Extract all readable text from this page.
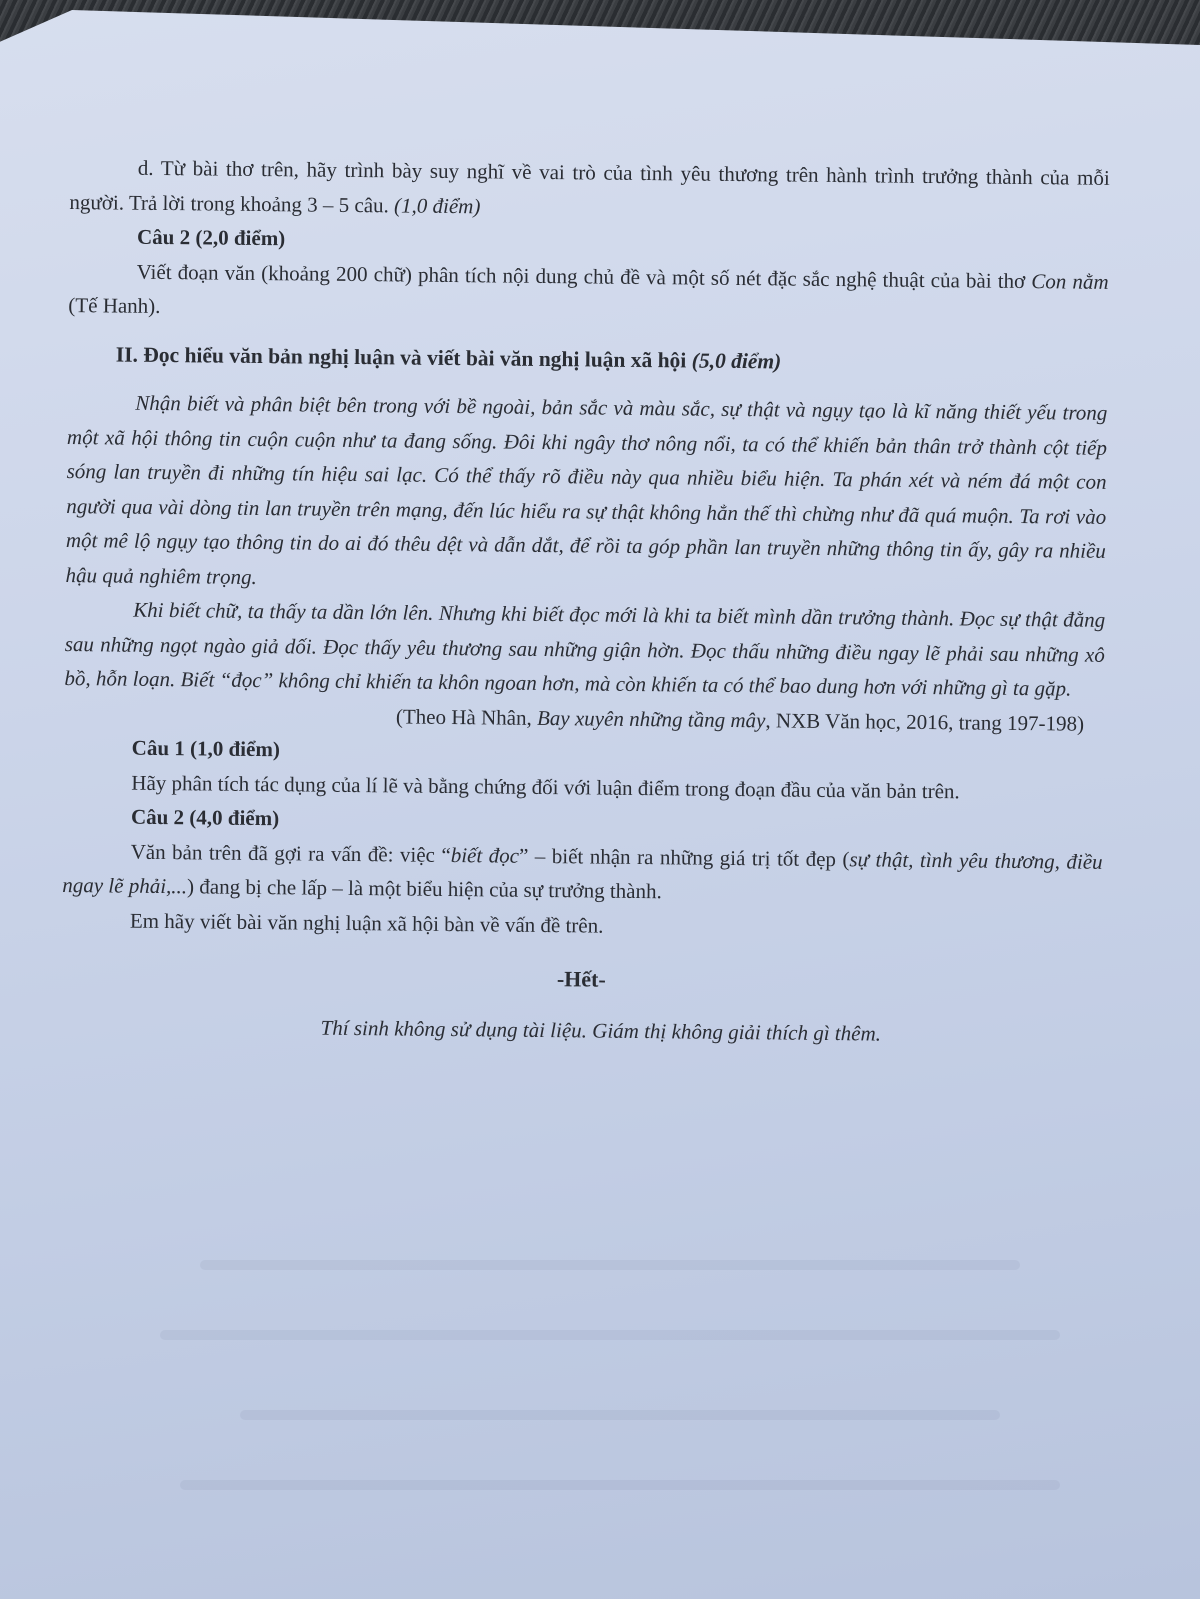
d. Từ bài thơ trên, hãy trình bày suy nghĩ về vai trò của tình yêu thương trên hành trình trưởng thành của mỗi người. Trả lời trong khoảng 3 – 5 câu. (1,0 điểm)

Câu 2 (2,0 điểm)

Viết đoạn văn (khoảng 200 chữ) phân tích nội dung chủ đề và một số nét đặc sắc nghệ thuật của bài thơ Con nằm (Tế Hanh).

II. Đọc hiểu văn bản nghị luận và viết bài văn nghị luận xã hội (5,0 điểm)

Nhận biết và phân biệt bên trong với bề ngoài, bản sắc và màu sắc, sự thật và ngụy tạo là kĩ năng thiết yếu trong một xã hội thông tin cuộn cuộn như ta đang sống. Đôi khi ngây thơ nông nổi, ta có thể khiến bản thân trở thành cột tiếp sóng lan truyền đi những tín hiệu sai lạc. Có thể thấy rõ điều này qua nhiều biểu hiện. Ta phán xét và ném đá một con người qua vài dòng tin lan truyền trên mạng, đến lúc hiểu ra sự thật không hẳn thế thì chừng như đã quá muộn. Ta rơi vào một mê lộ ngụy tạo thông tin do ai đó thêu dệt và dẫn dắt, để rồi ta góp phần lan truyền những thông tin ấy, gây ra nhiều hậu quả nghiêm trọng.

Khi biết chữ, ta thấy ta dần lớn lên. Nhưng khi biết đọc mới là khi ta biết mình dần trưởng thành. Đọc sự thật đằng sau những ngọt ngào giả dối. Đọc thấy yêu thương sau những giận hờn. Đọc thấu những điều ngay lẽ phải sau những xô bồ, hỗn loạn. Biết “đọc” không chỉ khiến ta khôn ngoan hơn, mà còn khiến ta có thể bao dung hơn với những gì ta gặp.

(Theo Hà Nhân, Bay xuyên những tầng mây, NXB Văn học, 2016, trang 197-198)

Câu 1 (1,0 điểm)

Hãy phân tích tác dụng của lí lẽ và bằng chứng đối với luận điểm trong đoạn đầu của văn bản trên.

Câu 2 (4,0 điểm)

Văn bản trên đã gợi ra vấn đề: việc “biết đọc” – biết nhận ra những giá trị tốt đẹp (sự thật, tình yêu thương, điều ngay lẽ phải,...) đang bị che lấp – là một biểu hiện của sự trưởng thành.

Em hãy viết bài văn nghị luận xã hội bàn về vấn đề trên.

-Hết-

Thí sinh không sử dụng tài liệu. Giám thị không giải thích gì thêm.
